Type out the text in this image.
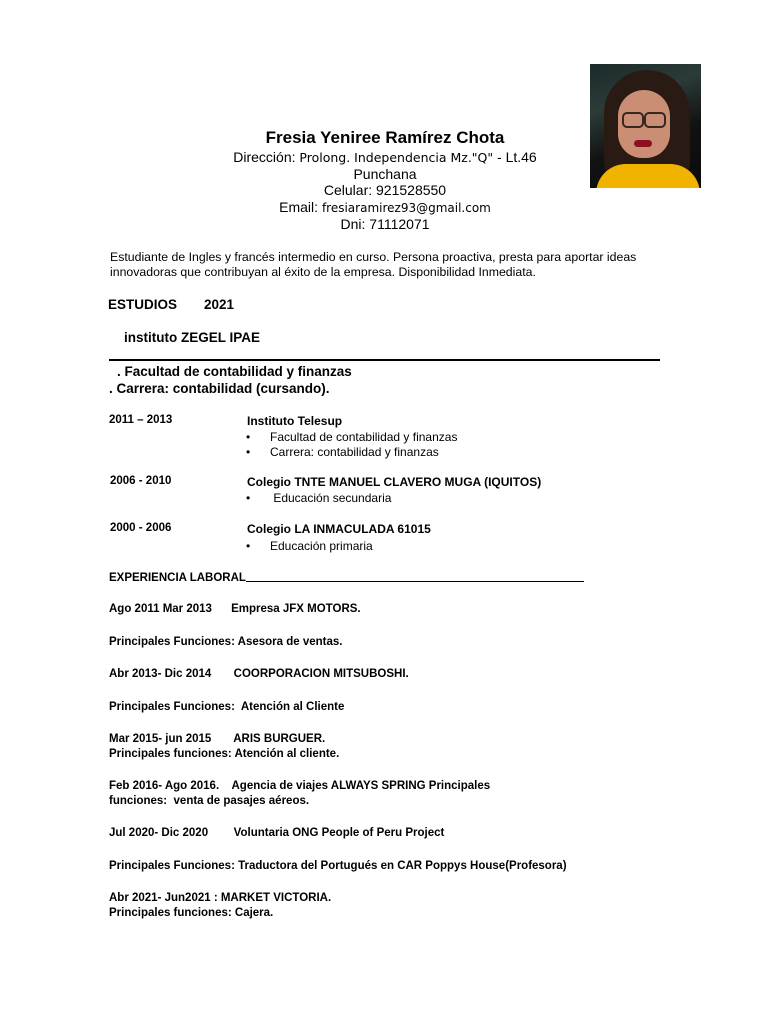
Fresia Yeniree Ramírez Chota
Dirección: Prolong. Independencia Mz."Q" - Lt.46
Punchana
Celular: 921528550
Email: fresiaramirez93@gmail.com
Dni: 71112071
Estudiante de Ingles y francés intermedio en curso. Persona proactiva, presta para aportar ideas innovadoras que contribuyan al éxito de la empresa. Disponibilidad Inmediata.
ESTUDIOS 2021
instituto ZEGEL IPAE
. Facultad de contabilidad y finanzas
. Carrera: contabilidad (cursando).
2011 – 2013	Instituto Telesup
• Facultad de contabilidad y finanzas
• Carrera: contabilidad y finanzas
2006 - 2010	Colegio TNTE MANUEL CLAVERO MUGA (IQUITOS)
• Educación secundaria
2000 - 2006	Colegio LA INMACULADA 61015
• Educación primaria
EXPERIENCIA LABORAL
Ago 2011 Mar 2013      Empresa JFX MOTORS.
Principales Funciones: Asesora de ventas.
Abr 2013- Dic 2014       COORPORACION MITSUBOSHI.
Principales Funciones:  Atención al Cliente
Mar 2015- jun 2015       ARIS BURGUER.
Principales funciones: Atención al cliente.
Feb 2016- Ago 2016.    Agencia de viajes ALWAYS SPRING Principales
funciones:  venta de pasajes aéreos.
Jul 2020- Dic 2020        Voluntaria ONG People of Peru Project
Principales Funciones: Traductora del Portugués en CAR Poppys House(Profesora)
Abr 2021- Jun2021 : MARKET VICTORIA.
Principales funciones: Cajera.
